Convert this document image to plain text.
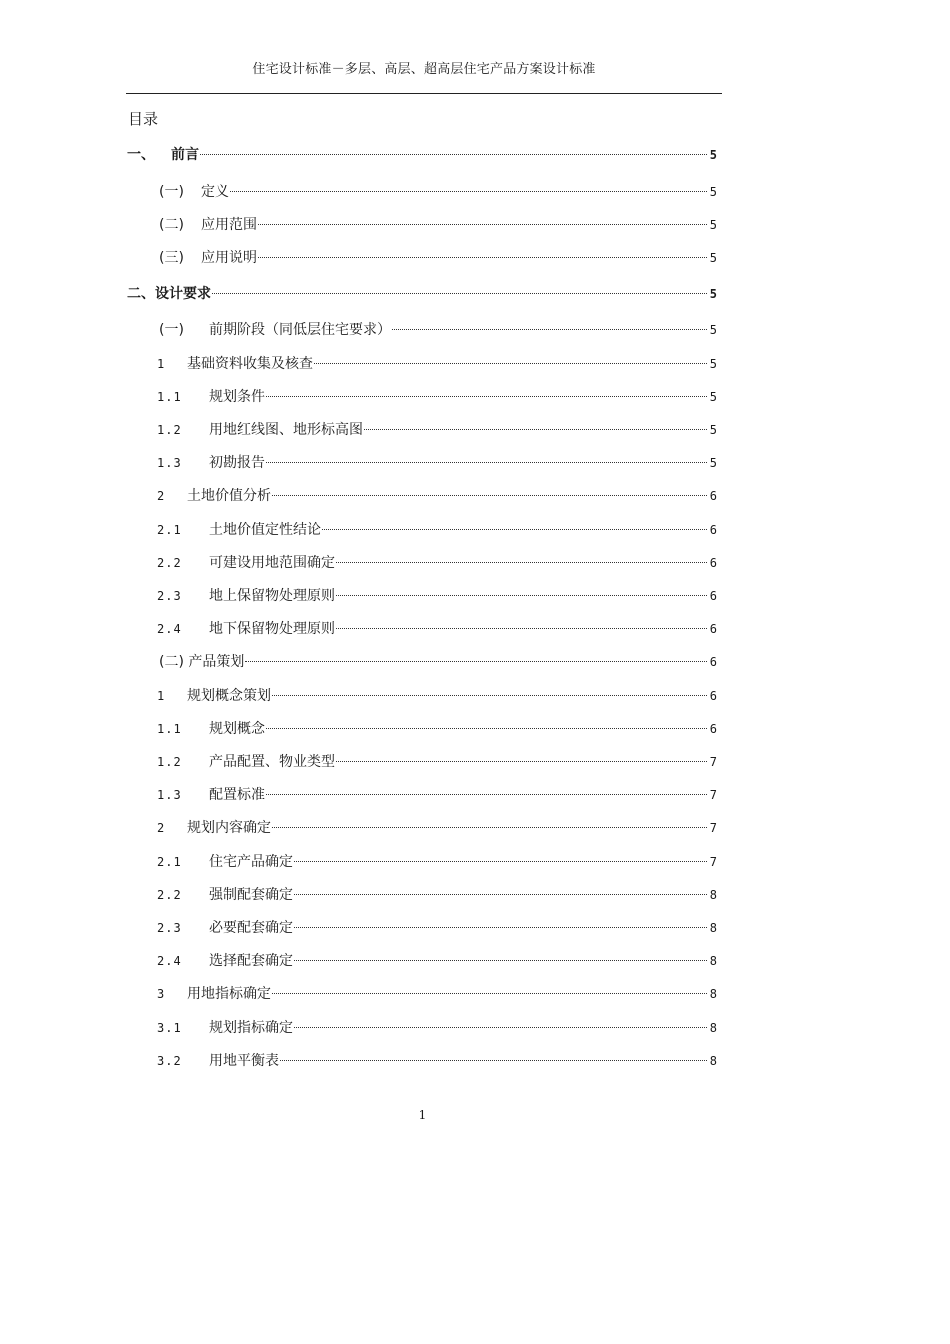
住宅设计标准－多层、高层、超高层住宅产品方案设计标准
目录
一、	前言	5
(一)	定义	5
(二)	应用范围	5
(三)	应用说明	5
二、设计要求	5
(一)	前期阶段（同低层住宅要求）	5
1	基础资料收集及核查	5
1.1	规划条件	5
1.2	用地红线图、地形标高图	5
1.3	初勘报告	5
2	土地价值分析	6
2.1	土地价值定性结论	6
2.2	可建设用地范围确定	6
2.3	地上保留物处理原则	6
2.4	地下保留物处理原则	6
(二) 产品策划	6
1	规划概念策划	6
1.1	规划概念	6
1.2	产品配置、物业类型	7
1.3	配置标准	7
2	规划内容确定	7
2.1	住宅产品确定	7
2.2	强制配套确定	8
2.3	必要配套确定	8
2.4	选择配套确定	8
3	用地指标确定	8
3.1	规划指标确定	8
3.2	用地平衡表	8
1
